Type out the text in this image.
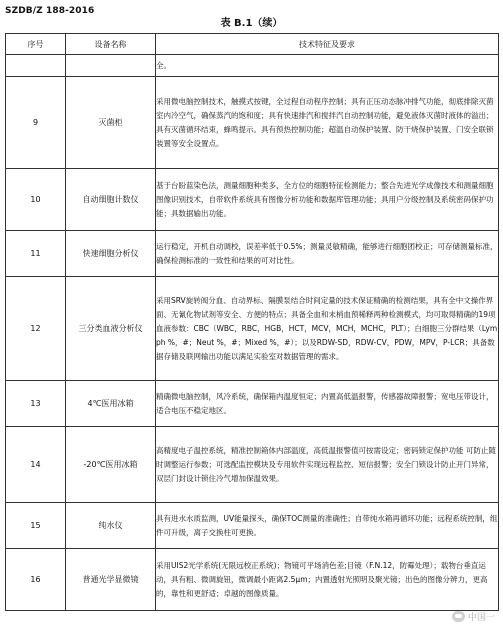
SZDB/Z 188-2016
表 B.1（续）
序号	设备名称	技术特征及要求
		全。
9	灭菌柜	采用微电脑控制技术，触摸式按键，全过程自动程序控制；具有正压动态脉冲排气功能，彻底排除灭菌室内冷空气，确保蒸汽的饱和度；具有快速排汽和搅拌汽自动控制功能，避免液体灭菌时液体的溢出；具有灭菌循环结束，蜂鸣提示。具有预热控制功能；超温自动保护装置、防干烧保护装置、门安全联锁装置等安全设置点。
10	自动细胞计数仪	基于台盼蓝染色法，测量细胞种类多，全方位的细胞特征检测能力；整合先进光学成像技术和测量细胞图像识别技术，自带软件系统具有图像分析功能和数据库管理功能；具用户分级控制及系统密码保护功能；具数据输出功能。
11	快速细胞分析仪	运行稳定，开机自动调校，误差率低于0.5%；测量灵敏精确，能够进行细胞团校正；可存储测量标准，确保检测标准的一致性和结果的可对比性。
12	三分类血液分析仪	采用SRV旋转阀分血、自动界标、隔膜泵结合时间定量的技术保证精确的检测结果，具有全中文操作界面、无氰化物试剂等安全、方便的特点；具备全血和末梢血预稀释两种检测模式，均可取得精确的19项血液参数：CBC（WBC，RBC，HGB，HCT，MCV，MCH，MCHC，PLT）；白细胞三分群结果（Lymph %，#；Neut %，#；Mixed %，#）；以及RDW-SD，RDW-CV，PDW，MPV，P-LCR；具备数据存储及联网输出功能以满足实验室对数据管理的需求。
13	4℃医用冰箱	精确微电脑控制，风冷系统，确保箱内温度恒定；内置高低温报警，传感器故障报警；宽电压带设计，适合电压不稳定地区。
14	-20℃医用冰箱	高精度电子温控系统，精准控制箱体内部温度，高低温报警值可按需设定；密码锁定保护功能 可防止随时调整运行参数；可选配监控模块及专用软件实现远程监控、短信报警；安全门锁设计防止开门异常，双层门封设计锁住冷气增加保温效果。
15	纯水仪	具有进水水质监测，UV能量探头，确保TOC测量的准确性；自带纯水箱再循环功能；远程系统控制，组件可升级，离子交换柱可更换。
16	普通光学显微镜	采用UIS2光学系统(无限远校正系统)；物镜可平场消色差;目镜（F.N.12，防霉处理）；载物台垂直运动，具有粗、微调旋钮，微调最小距离2.5μm；内置透射光照明及聚光镜；出色的图像分辨力，更高的，靠性和更舒适；卓越的图像质量。
中国一
